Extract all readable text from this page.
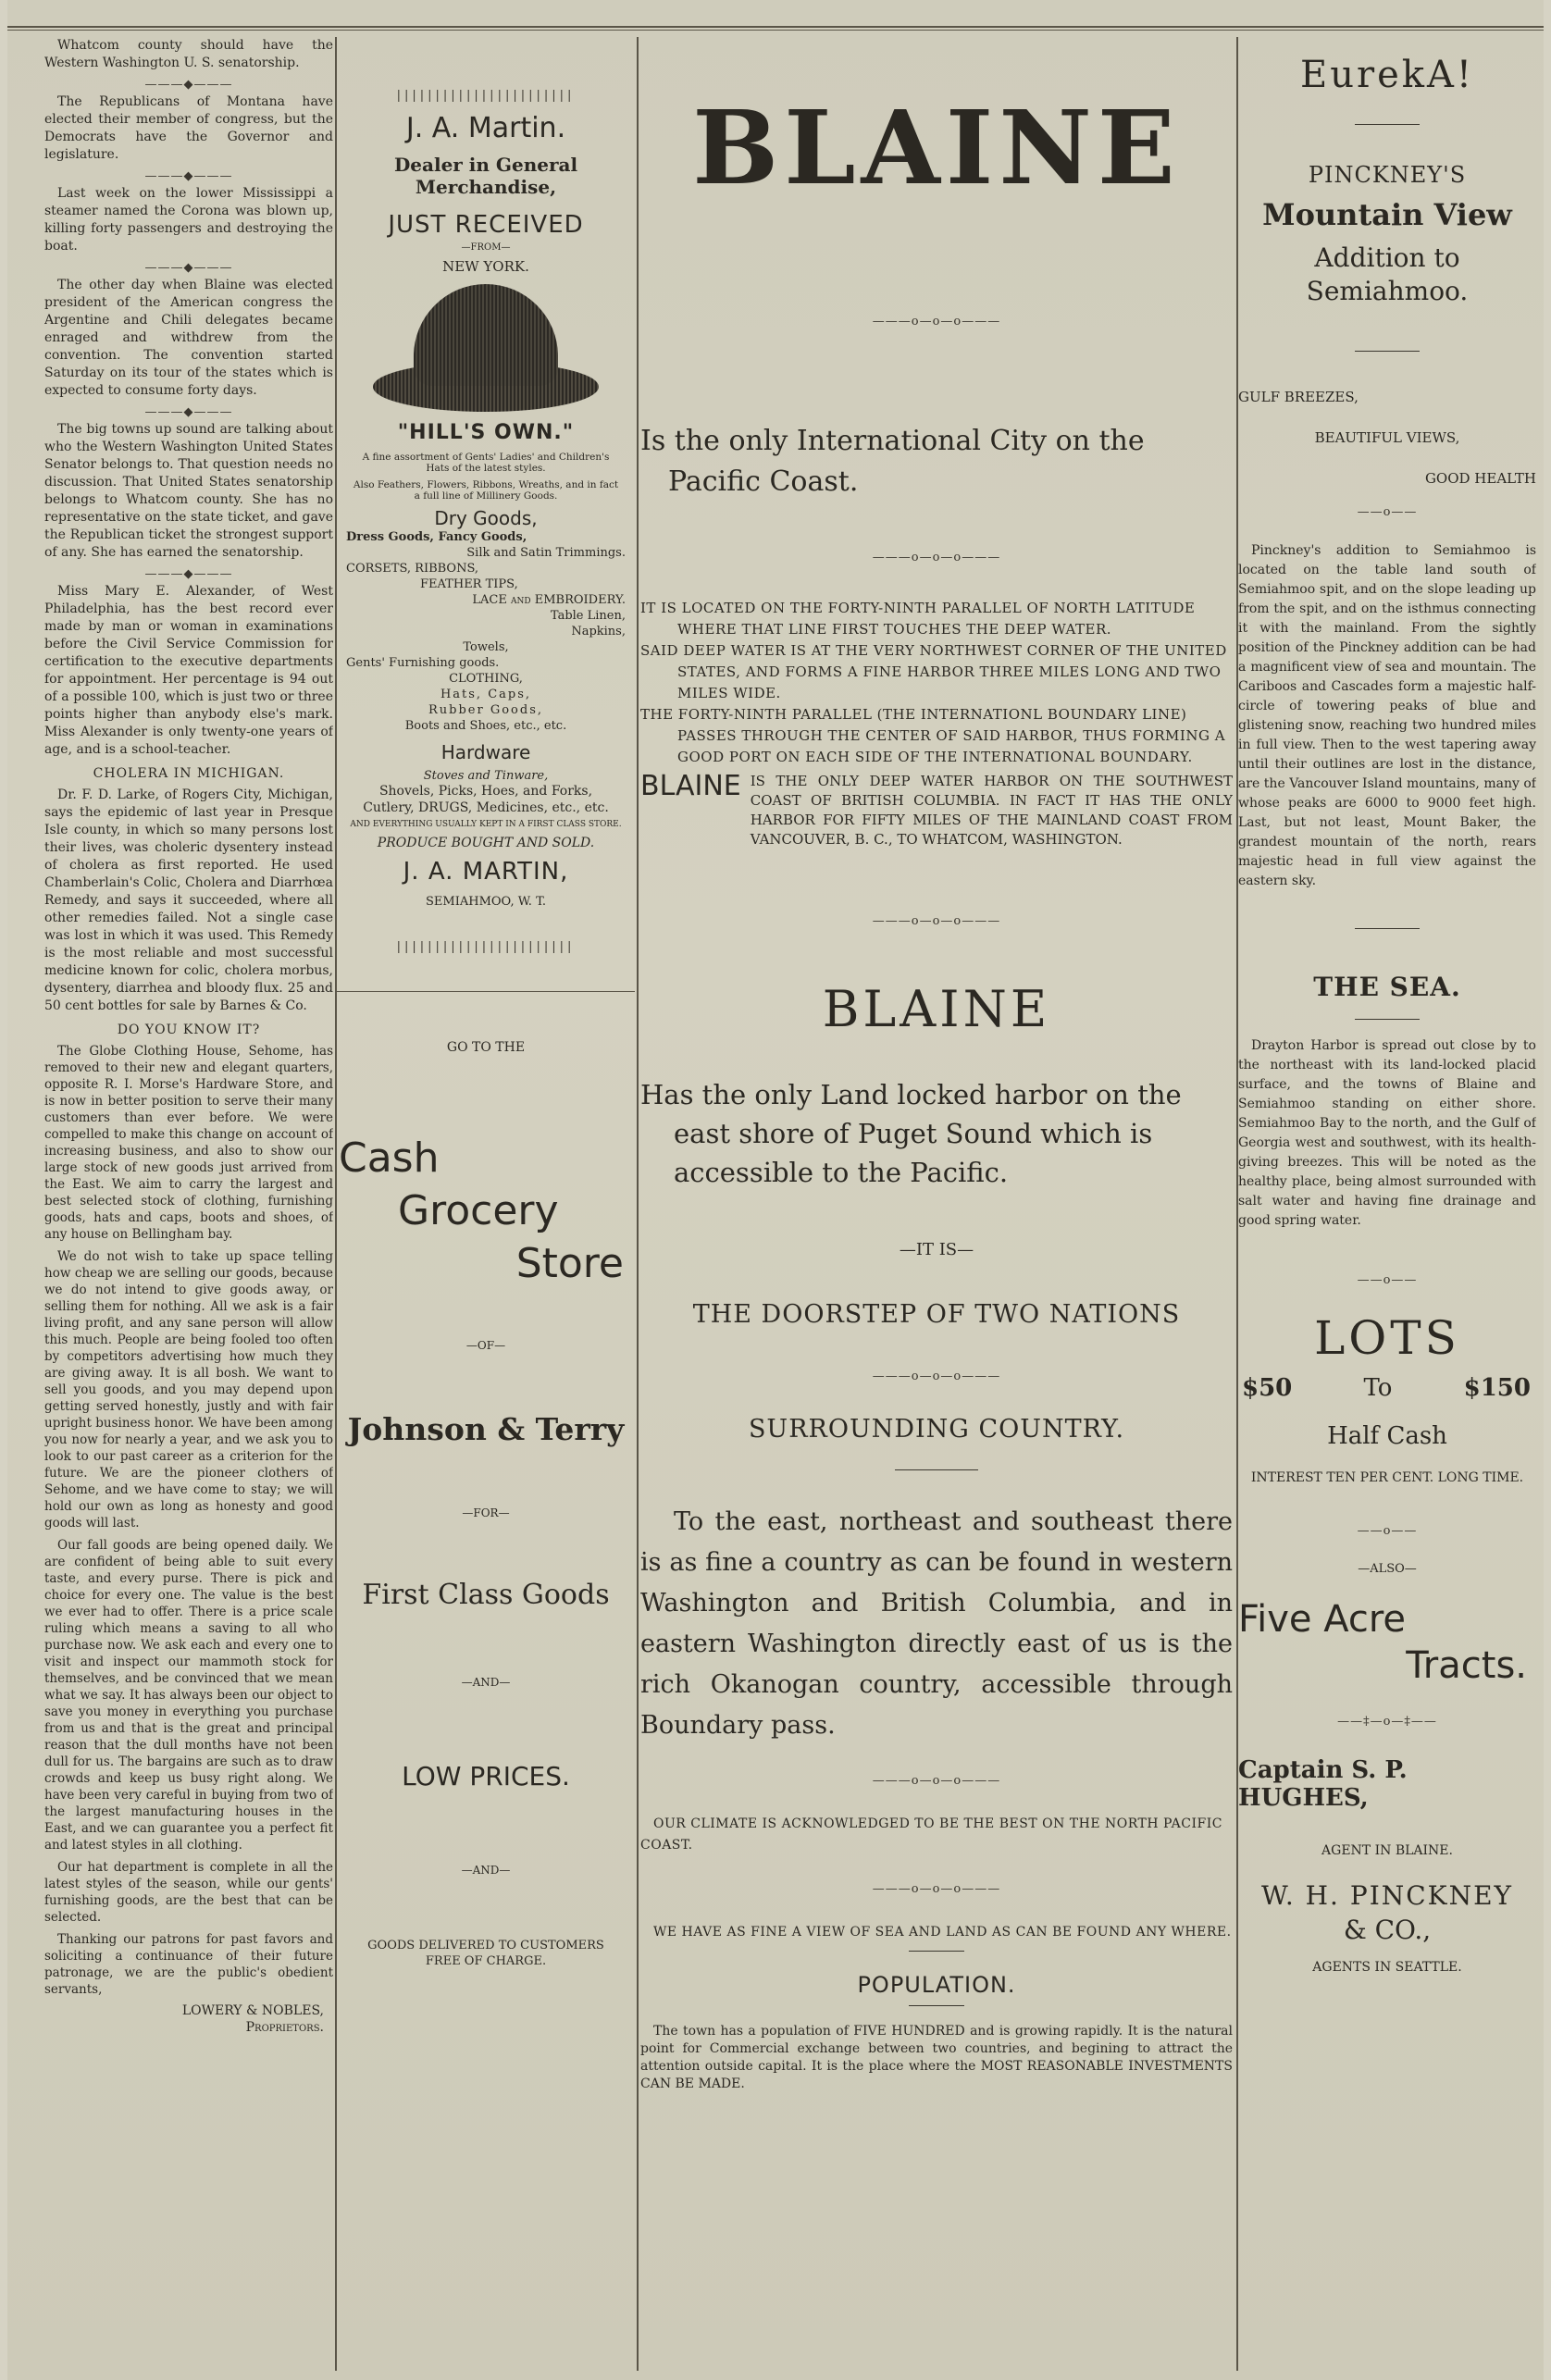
Whatcom county should have the Western Washington U. S. senatorship.

———◆———

The Republicans of Montana have elected their member of congress, but the Democrats have the Governor and legislature.

———◆———

Last week on the lower Mississippi a steamer named the Corona was blown up, killing forty passengers and destroying the boat.

———◆———

The other day when Blaine was elected president of the American congress the Argentine and Chili delegates became enraged and withdrew from the convention. The convention started Saturday on its tour of the states which is expected to consume forty days.

———◆———

The big towns up sound are talking about who the Western Washington United States Senator belongs to. That question needs no discussion. That United States senatorship belongs to Whatcom county. She has no representative on the state ticket, and gave the Republican ticket the strongest support of any. She has earned the senatorship.

———◆———

Miss Mary E. Alexander, of West Philadelphia, has the best record ever made by man or woman in examinations before the Civil Service Commission for certification to the executive departments for appointment. Her percentage is 94 out of a possible 100, which is just two or three points higher than anybody else's mark. Miss Alexander is only twenty-one years of age, and is a school-teacher.

CHOLERA IN MICHIGAN.

Dr. F. D. Larke, of Rogers City, Michigan, says the epidemic of last year in Presque Isle county, in which so many persons lost their lives, was choleric dysentery instead of cholera as first reported. He used Chamberlain's Colic, Cholera and Diarrhœa Remedy, and says it succeeded, where all other remedies failed. Not a single case was lost in which it was used. This Remedy is the most reliable and most successful medicine known for colic, cholera morbus, dysentery, diarrhea and bloody flux. 25 and 50 cent bottles for sale by Barnes & Co.

DO YOU KNOW IT?

The Globe Clothing House, Sehome, has removed to their new and elegant quarters, opposite R. I. Morse's Hardware Store, and is now in better position to serve their many customers than ever before. We were compelled to make this change on account of increasing business, and also to show our large stock of new goods just arrived from the East. We aim to carry the largest and best selected stock of clothing, furnishing goods, hats and caps, boots and shoes, of any house on Bellingham bay.

We do not wish to take up space telling how cheap we are selling our goods, because we do not intend to give goods away, or selling them for nothing. All we ask is a fair living profit, and any sane person will allow this much. People are being fooled too often by competitors advertising how much they are giving away. It is all bosh. We want to sell you goods, and you may depend upon getting served honestly, justly and with fair upright business honor. We have been among you now for nearly a year, and we ask you to look to our past career as a criterion for the future. We are the pioneer clothers of Sehome, and we have come to stay; we will hold our own as long as honesty and good goods will last.

Our fall goods are being opened daily. We are confident of being able to suit every taste, and every purse. There is pick and choice for every one. The value is the best we ever had to offer. There is a price scale ruling which means a saving to all who purchase now. We ask each and every one to visit and inspect our mammoth stock for themselves, and be convinced that we mean what we say. It has always been our object to save you money in everything you purchase from us and that is the great and principal reason that the dull months have not been dull for us. The bargains are such as to draw crowds and keep us busy right along. We have been very careful in buying from two of the largest manufacturing houses in the East, and we can guarantee you a perfect fit and latest styles in all clothing.

Our hat department is complete in all the latest styles of the season, while our gents' furnishing goods, are the best that can be selected.

Thanking our patrons for past favors and soliciting a continuance of their future patronage, we are the public's obedient servants,

LOWERY & NOBLES,
Proprietors.
|||||||||||||||||||||||
J. A. Martin.
Dealer in General Merchandise,
JUST RECEIVED
—FROM—
NEW YORK.
"HILL'S OWN."
A fine assortment of Gents' Ladies' and Children's Hats of the latest styles.
Also Feathers, Flowers, Ribbons, Wreaths, and in fact a full line of Millinery Goods.
Dry Goods,
Dress Goods, Fancy Goods,
Silk and Satin Trimmings.
CORSETS, RIBBONS,
FEATHER TIPS,
LACE and EMBROIDERY.
Table Linen,
Napkins,
Towels,
Gents' Furnishing goods.
CLOTHING,
Hats, Caps,
Rubber Goods,
Boots and Shoes, etc., etc.
Hardware
Stoves and Tinware,
Shovels, Picks, Hoes, and Forks,
Cutlery, DRUGS, Medicines, etc., etc.
AND EVERYTHING USUALLY KEPT IN A FIRST CLASS STORE.
PRODUCE BOUGHT AND SOLD.
J. A. MARTIN,
SEMIAHMOO, W. T.
|||||||||||||||||||||||
GO TO THE
Cash
Grocery
Store
—OF—
Johnson & Terry
—FOR—
First Class Goods
—AND—
LOW PRICES.
—AND—
GOODS DELIVERED TO CUSTOMERS FREE OF CHARGE.
BLAINE
———o—o—o———

Is the only International City on the Pacific Coast.

———o—o—o———

IT IS LOCATED ON THE FORTY-NINTH PARALLEL OF NORTH LATITUDE WHERE THAT LINE FIRST TOUCHES THE DEEP WATER.

SAID DEEP WATER IS AT THE VERY NORTHWEST CORNER OF THE UNITED STATES, AND FORMS A FINE HARBOR THREE MILES LONG AND TWO MILES WIDE.

THE FORTY-NINTH PARALLEL (THE INTERNATIONL BOUNDARY LINE) PASSES THROUGH THE CENTER OF SAID HARBOR, THUS FORMING A GOOD PORT ON EACH SIDE OF THE INTERNATIONAL BOUNDARY.

BLAINE IS THE ONLY DEEP WATER HARBOR ON THE SOUTHWEST COAST OF BRITISH COLUMBIA. IN FACT IT HAS THE ONLY HARBOR FOR FIFTY MILES OF THE MAINLAND COAST FROM VANCOUVER, B. C., TO WHATCOM, WASHINGTON.
———o—o—o———
BLAINE

Has the only Land locked harbor on the east shore of Puget Sound which is accessible to the Pacific.

—IT IS—
THE DOORSTEP OF TWO NATIONS
———o—o—o———
SURROUNDING COUNTRY.

To the east, northeast and southeast there is as fine a country as can be found in western Washington and British Columbia, and in eastern Washington directly east of us is the rich Okanogan country, accessible through Boundary pass.

———o—o—o———

OUR CLIMATE IS ACKNOWLEDGED TO BE THE BEST ON THE NORTH PACIFIC COAST.

———o—o—o———

WE HAVE AS FINE A VIEW OF SEA AND LAND AS CAN BE FOUND ANY WHERE.

POPULATION.

The town has a population of FIVE HUNDRED and is growing rapidly. It is the natural point for Commercial exchange between two countries, and begining to attract the attention outside capital. It is the place where the MOST REASONABLE INVESTMENTS CAN BE MADE.

EurekA!
PINCKNEY'S
Mountain View
Addition to Semiahmoo.
GULF BREEZES,
BEAUTIFUL VIEWS,
GOOD HEALTH
——o——

Pinckney's addition to Semiahmoo is located on the table land south of Semiahmoo spit, and on the slope leading up from the spit, and on the isthmus connecting it with the mainland. From the sightly position of the Pinckney addition can be had a magnificent view of sea and mountain. The Cariboos and Cascades form a majestic half-circle of towering peaks of blue and glistening snow, reaching two hundred miles in full view. Then to the west tapering away until their outlines are lost in the distance, are the Vancouver Island mountains, many of whose peaks are 6000 to 9000 feet high. Last, but not least, Mount Baker, the grandest mountain of the north, rears majestic head in full view against the eastern sky.

THE SEA.

Drayton Harbor is spread out close by to the northeast with its land-locked placid surface, and the towns of Blaine and Semiahmoo standing on either shore. Semiahmoo Bay to the north, and the Gulf of Georgia west and southwest, with its health-giving breezes. This will be noted as the healthy place, being almost surrounded with salt water and having fine drainage and good spring water.

——o——
LOTS
$50	To	$150
Half Cash
INTEREST TEN PER CENT. LONG TIME.
——o——
—ALSO—
Five Acre
Tracts.
——‡—o—‡——
Captain S. P. HUGHES,
AGENT IN BLAINE.
W. H. PINCKNEY
& CO.,
AGENTS IN SEATTLE.
